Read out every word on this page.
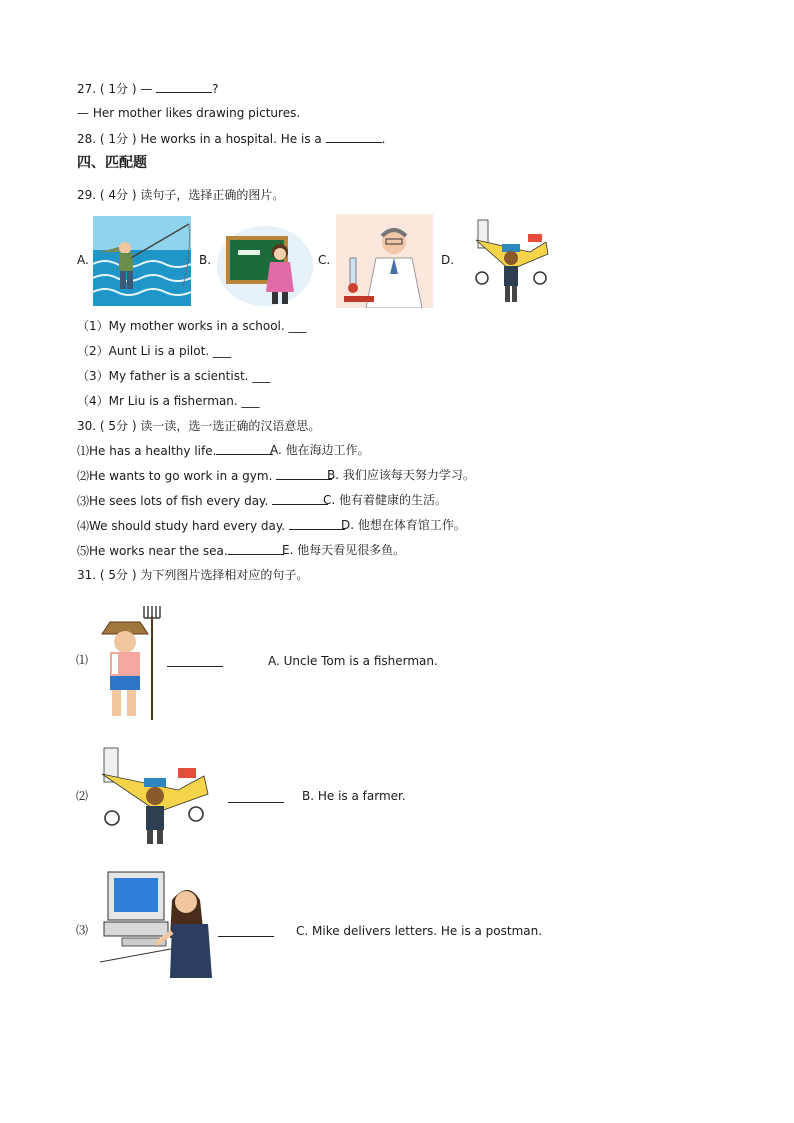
27. ( 1分 ) —	?
— Her mother likes drawing pictures.
28. ( 1分 ) He works in a hospital. He is a	.
四、匹配题
29. ( 4分 ) 读句子，选择正确的图片。
A.	B.	C.	D.
（1）My mother works in a school. ___
（2）Aunt Li is a pilot. ___
（3）My father is a scientist. ___
（4）Mr Liu is a fisherman. ___
30. ( 5分 ) 读一读，选一选正确的汉语意思。
⑴He has a healthy life.	A. 他在海边工作。
⑵He wants to go work in a gym.	B. 我们应该每天努力学习。
⑶He sees lots of fish every day.	C. 他有着健康的生活。
⑷We should study hard every day.	D. 他想在体育馆工作。
⑸He works near the sea.	E. 他每天看见很多鱼。
31. ( 5分 ) 为下列图片选择相对应的句子。
⑴	A. Uncle Tom is a fisherman.
⑵	B. He is a farmer.
⑶	C. Mike delivers letters. He is a postman.
